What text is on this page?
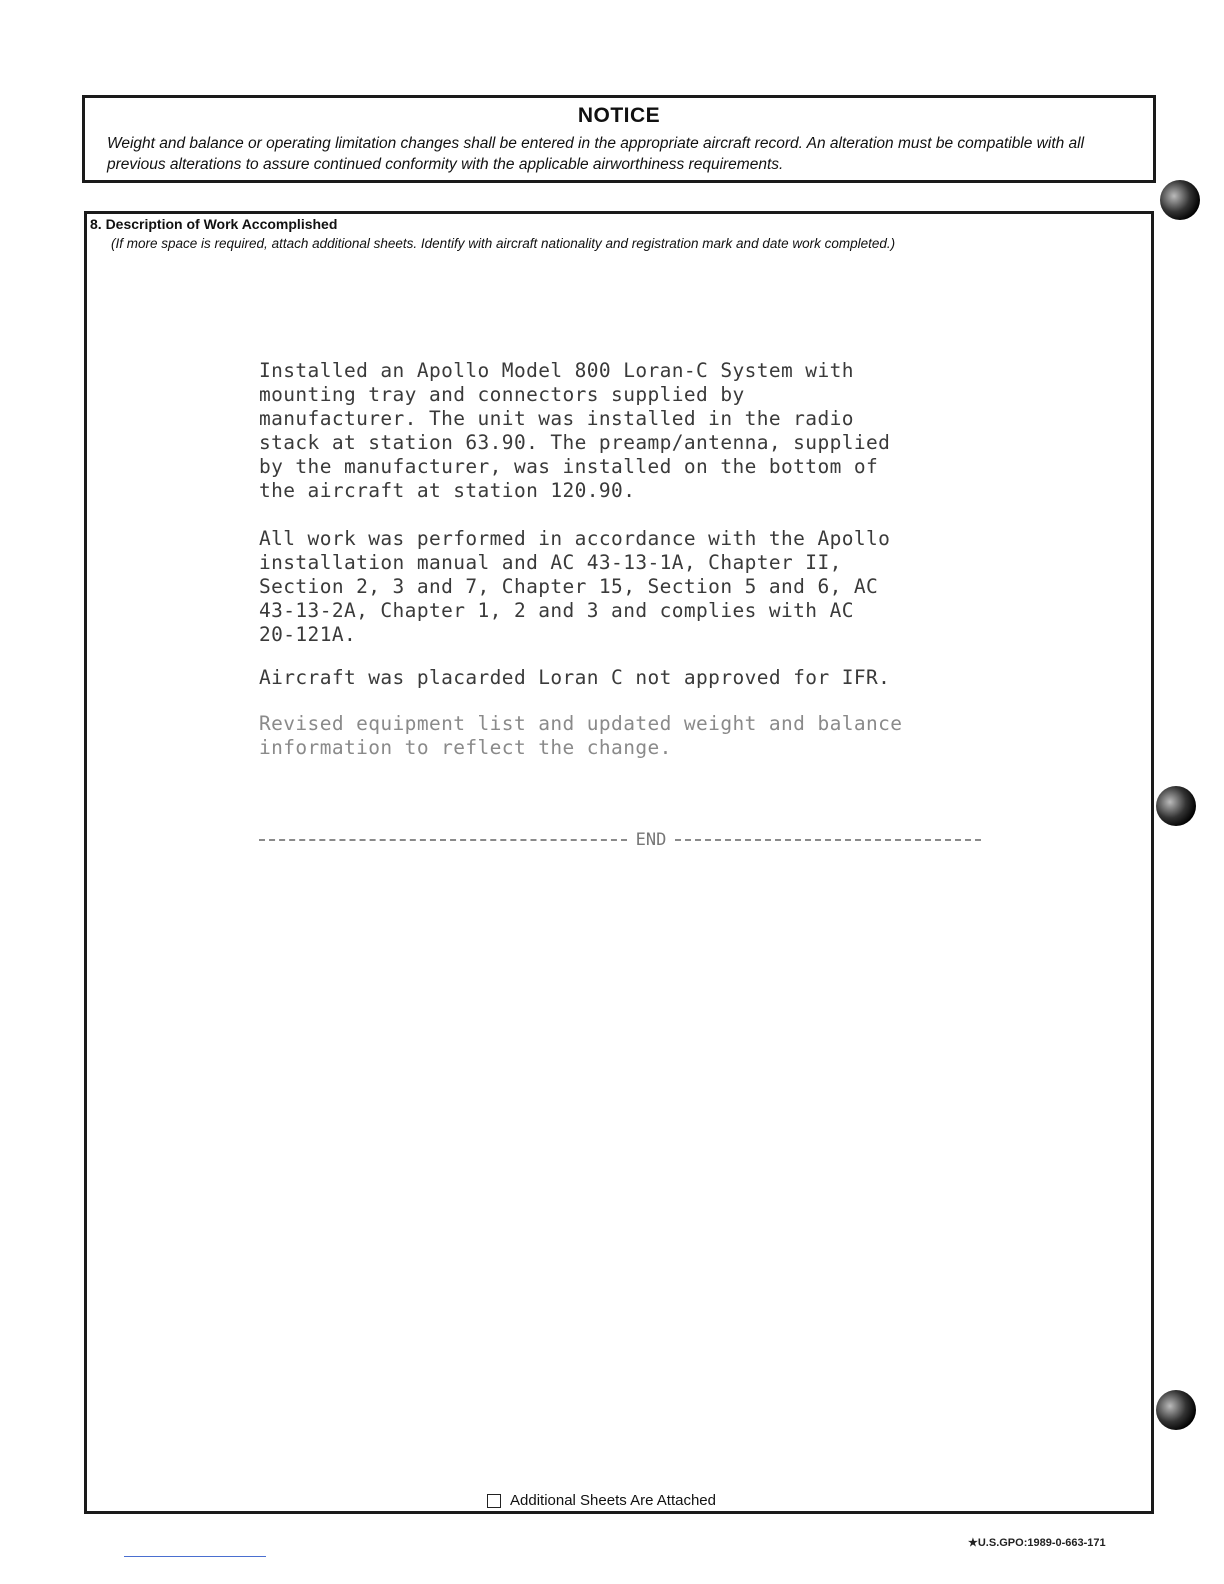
NOTICE
Weight and balance or operating limitation changes shall be entered in the appropriate aircraft record. An alteration must be compatible with all previous alterations to assure continued conformity with the applicable airworthiness requirements.
8. Description of Work Accomplished
(If more space is required, attach additional sheets. Identify with aircraft nationality and registration mark and date work completed.)
Installed an Apollo Model 800 Loran-C System with
mounting tray and connectors supplied by
manufacturer. The unit was installed in the radio
stack at station 63.90. The preamp/antenna, supplied
by the manufacturer, was installed on the bottom of
the aircraft at station 120.90.
All work was performed in accordance with the Apollo
installation manual and AC 43-13-1A, Chapter II,
Section 2, 3 and 7, Chapter 15, Section 5 and 6, AC
43-13-2A, Chapter 1, 2 and 3 and complies with AC
20-121A.
Aircraft was placarded Loran C not approved for IFR.
Revised equipment list and updated weight and balance
information to reflect the change.
END
Additional Sheets Are Attached
★U.S.GPO:1989-0-663-171
